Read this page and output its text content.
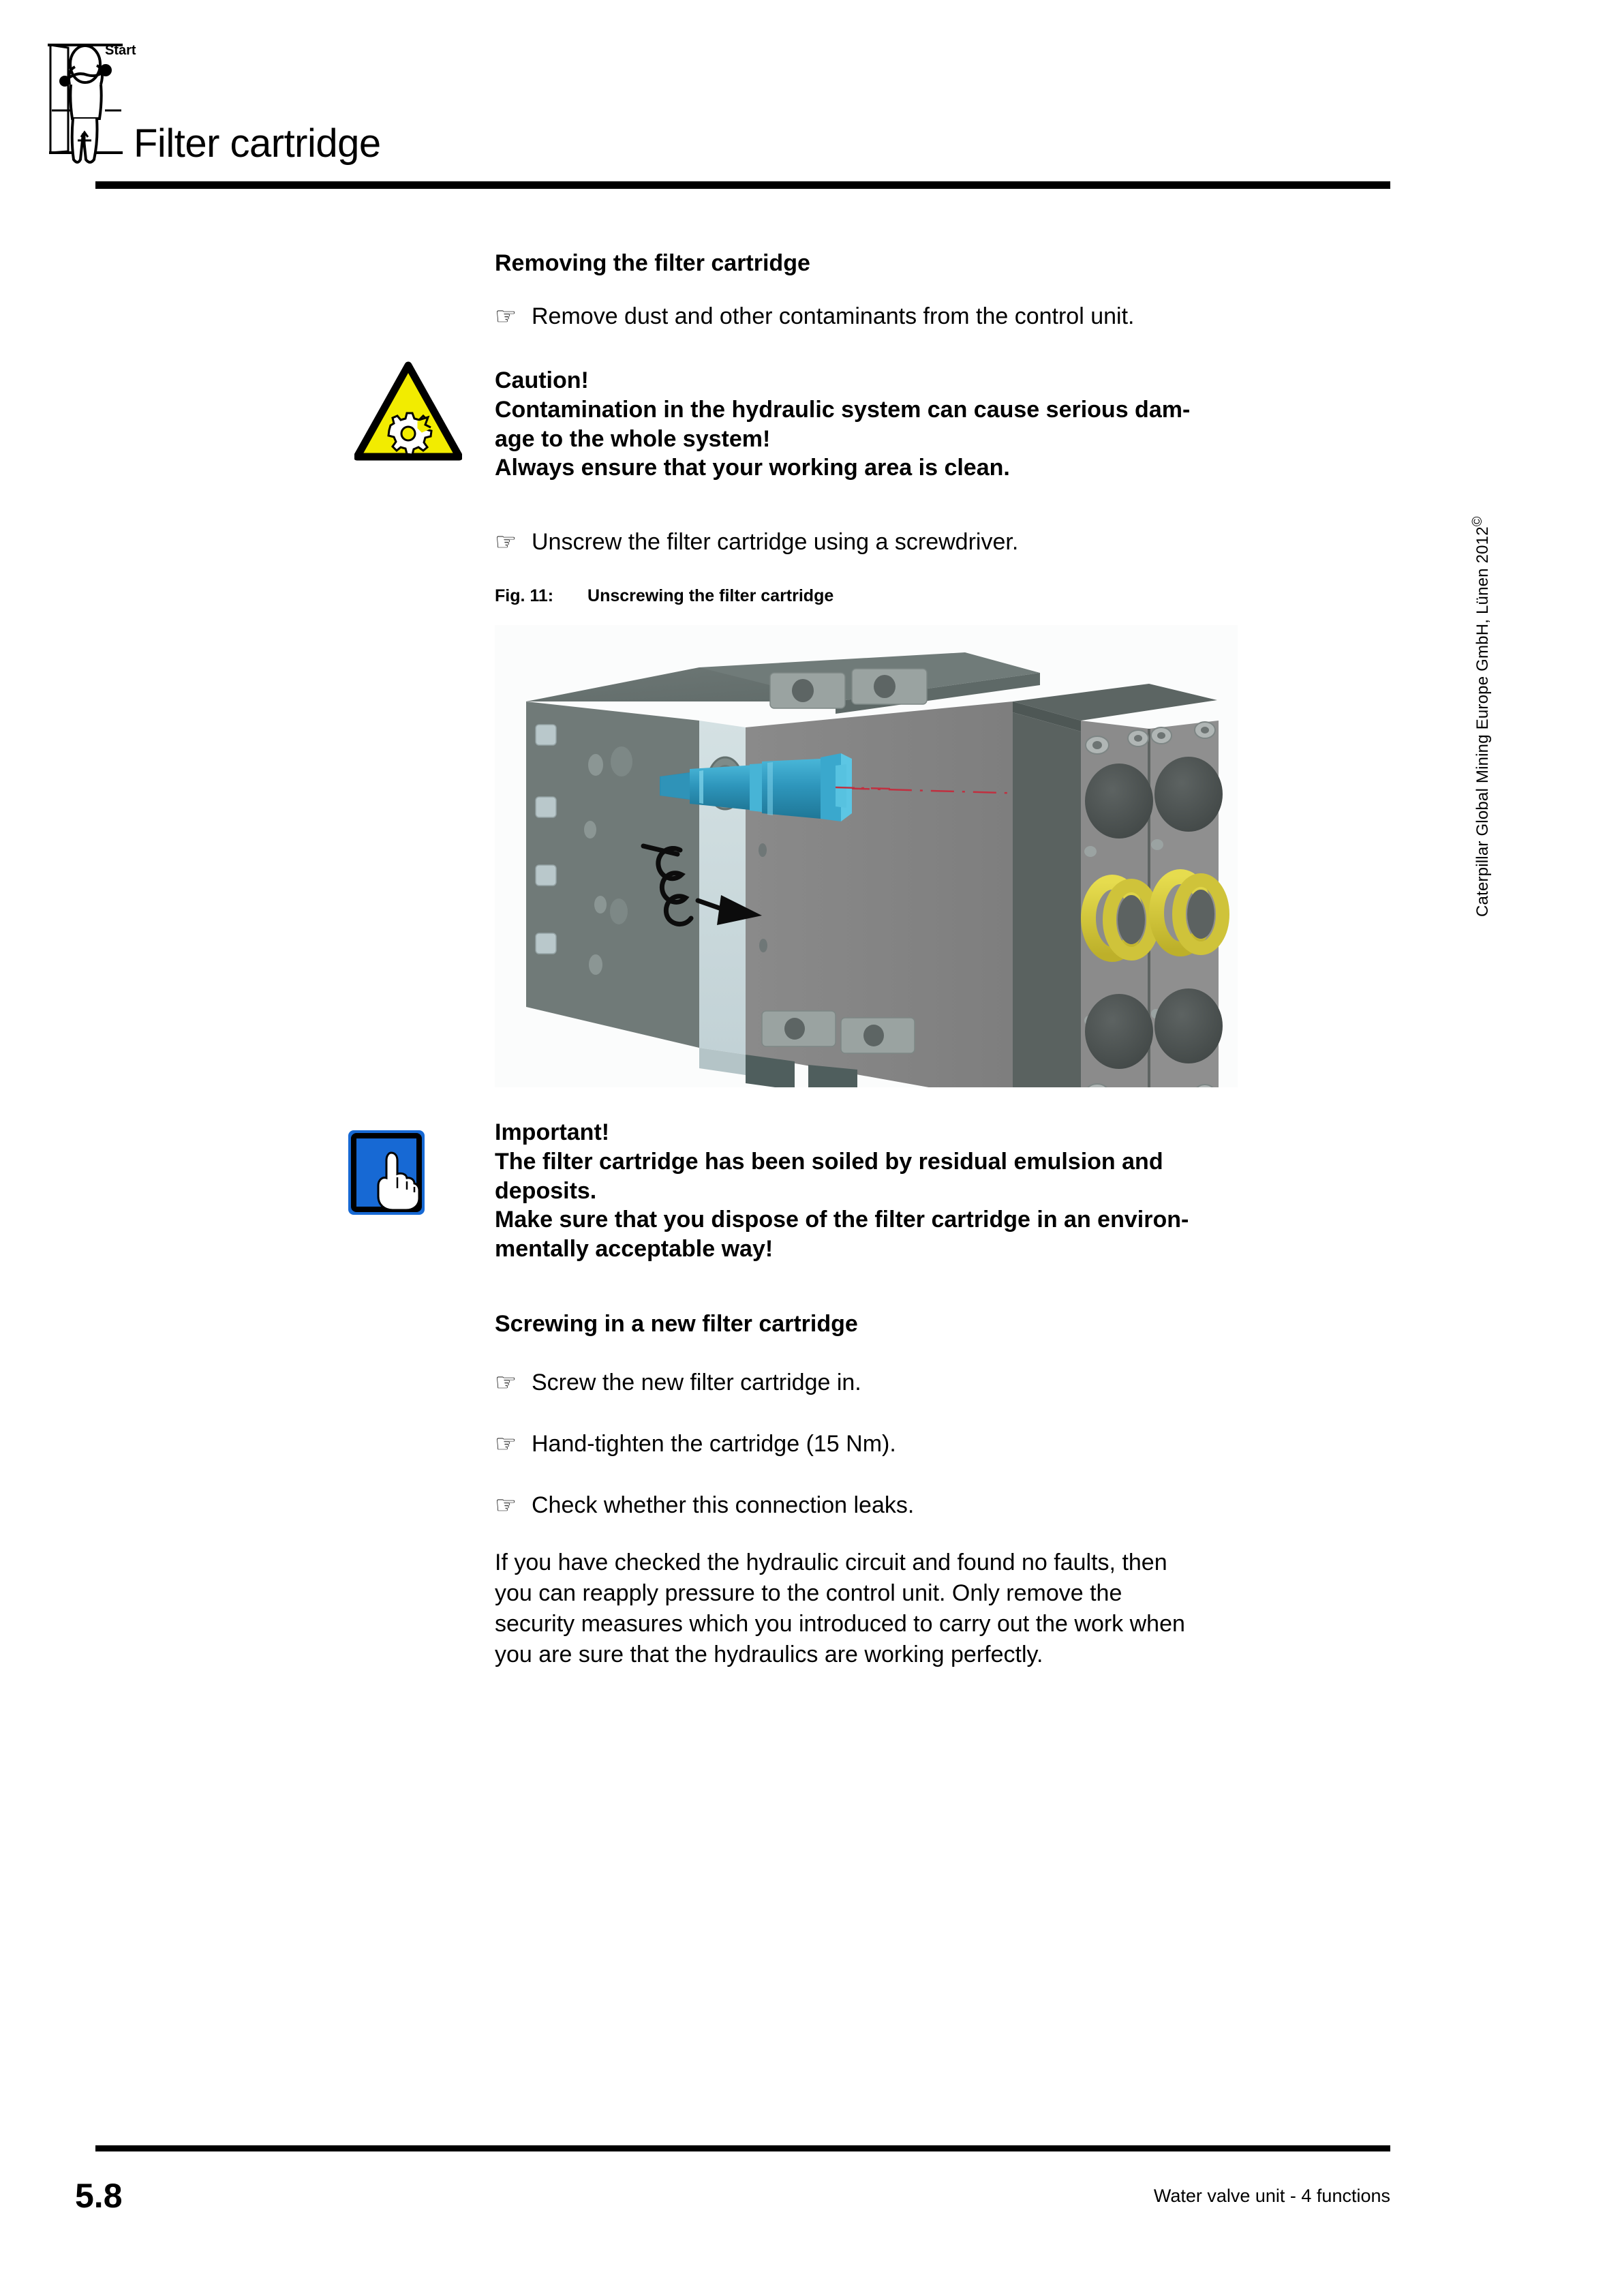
Start
Filter cartridge
Removing the filter cartridge
☞ Remove dust and other contaminants from the control unit.
Caution!
Contamination in the hydraulic system can cause serious dam-
age to the whole system!
Always ensure that your working area is clean.
☞ Unscrew the filter cartridge using a screwdriver.
Fig. 11: Unscrewing the filter cartridge
Important!
The filter cartridge has been soiled by residual emulsion and
deposits.
Make sure that you dispose of the filter cartridge in an environ-
mentally acceptable way!
Screwing in a new filter cartridge
☞ Screw the new filter cartridge in.
☞ Hand-tighten the cartridge (15 Nm).
☞ Check whether this connection leaks.
If you have checked the hydraulic circuit and found no faults, then
you can reapply pressure to the control unit. Only remove the
security measures which you introduced to carry out the work when
you are sure that the hydraulics are working perfectly.
Caterpillar Global Mining Europe GmbH, Lünen 2012©
5.8	Water valve unit - 4 functions
